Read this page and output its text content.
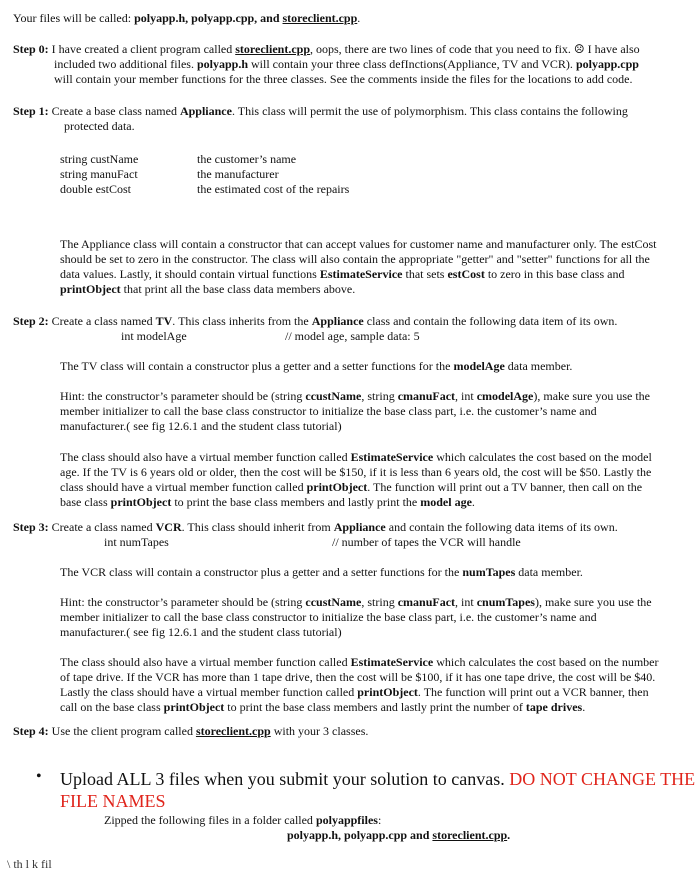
Your files will be called: polyapp.h, polyapp.cpp, and storeclient.cpp.
Step 0: I have created a client program called storeclient.cpp, oops, there are two lines of code that you need to fix. ☹ I have also
included two additional files. polyapp.h will contain your three class defInctions(Appliance, TV and VCR). polyapp.cpp
will contain your member functions for the three classes. See the comments inside the files for the locations to add code.
Step 1: Create a base class named Appliance. This class will permit the use of polymorphism. This class contains the following
protected data.
string custName	the customer’s name
string manuFact	the manufacturer
double estCost	the estimated cost of the repairs
The Appliance class will contain a constructor that can accept values for customer name and manufacturer only. The estCost
should be set to zero in the constructor. The class will also contain the appropriate "getter" and "setter" functions for all the
data values. Lastly, it should contain virtual functions EstimateService that sets estCost to zero in this base class and
printObject that print all the base class data members above.
Step 2: Create a class named TV. This class inherits from the Appliance class and contain the following data item of its own.
int modelAge	// model age, sample data: 5
The TV class will contain a constructor plus a getter and a setter functions for the modelAge data member.
Hint: the constructor’s parameter should be (string ccustName, string cmanuFact, int cmodelAge), make sure you use the
member initializer to call the base class constructor to initialize the base class part, i.e. the customer’s name and
manufacturer.( see fig 12.6.1 and the student class tutorial)
The class should also have a virtual member function called EstimateService which calculates the cost based on the model
age. If the TV is 6 years old or older, then the cost will be $150, if it is less than 6 years old, the cost will be $50. Lastly the
class should have a virtual member function called printObject. The function will print out a TV banner, then call on the
base class printObject to print the base class members and lastly print the model age.
Step 3: Create a class named VCR. This class should inherit from Appliance and contain the following data items of its own.
int numTapes	// number of tapes the VCR will handle
The VCR class will contain a constructor plus a getter and a setter functions for the numTapes data member.
Hint: the constructor’s parameter should be (string ccustName, string cmanuFact, int cnumTapes), make sure you use the
member initializer to call the base class constructor to initialize the base class part, i.e. the customer’s name and
manufacturer.( see fig 12.6.1 and the student class tutorial)
The class should also have a virtual member function called EstimateService which calculates the cost based on the number
of tape drive. If the VCR has more than 1 tape drive, then the cost will be $100, if it has one tape drive, the cost will be $40.
Lastly the class should have a virtual member function called printObject. The function will print out a VCR banner, then
call on the base class printObject to print the base class members and lastly print the number of tape drives.
Step 4: Use the client program called storeclient.cpp with your 3 classes.
• Upload ALL 3 files when you submit your solution to canvas. DO NOT CHANGE THE
FILE NAMES
Zipped the following files in a folder called polyappfiles:
polyapp.h, polyapp.cpp and storeclient.cpp.
\ th l k fil
